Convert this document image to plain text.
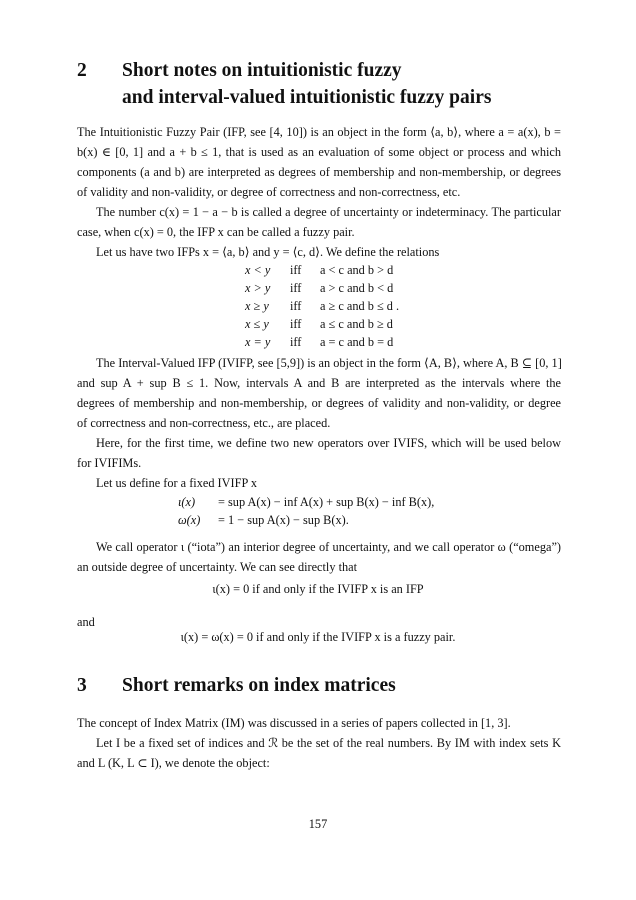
2 Short notes on intuitionistic fuzzy
and interval-valued intuitionistic fuzzy pairs
The Intuitionistic Fuzzy Pair (IFP, see [4, 10]) is an object in the form ⟨a, b⟩, where a = a(x), b =
b(x) ∈ [0, 1] and a + b ≤ 1, that is used as an evaluation of some object or process and which
components (a and b) are interpreted as degrees of membership and non-membership, or degrees
of validity and non-validity, or degree of correctness and non-correctness, etc.
The number c(x) = 1 − a − b is called a degree of uncertainty or indeterminacy. The particular
case, when c(x) = 0, the IFP x can be called a fuzzy pair.
Let us have two IFPs x = ⟨a, b⟩ and y = ⟨c, d⟩. We define the relations
x < y iff a < c and b > d
x > y iff a > c and b < d
x ≥ y iff a ≥ c and b ≤ d .
x ≤ y iff a ≤ c and b ≥ d
x = y iff a = c and b = d
The Interval-Valued IFP (IVIFP, see [5,9]) is an object in the form ⟨A, B⟩, where A, B ⊆ [0, 1]
and sup A + sup B ≤ 1. Now, intervals A and B are interpreted as the intervals where the
degrees of membership and non-membership, or degrees of validity and non-validity, or degree
of correctness and non-correctness, etc., are placed.
Here, for the first time, we define two new operators over IVIFS, which will be used below
for IVIFIMs.
Let us define for a fixed IVIFP x
ι(x) = sup A(x) − inf A(x) + sup B(x) − inf B(x),
ω(x) = 1 − sup A(x) − sup B(x).
We call operator ι (“iota”) an interior degree of uncertainty, and we call operator ω (“omega”)
an outside degree of uncertainty. We can see directly that
ι(x) = 0 if and only if the IVIFP x is an IFP
and
ι(x) = ω(x) = 0 if and only if the IVIFP x is a fuzzy pair.
3 Short remarks on index matrices
The concept of Index Matrix (IM) was discussed in a series of papers collected in [1, 3].
Let I be a fixed set of indices and ℛ be the set of the real numbers. By IM with index sets K
and L (K, L ⊂ I), we denote the object:
157
